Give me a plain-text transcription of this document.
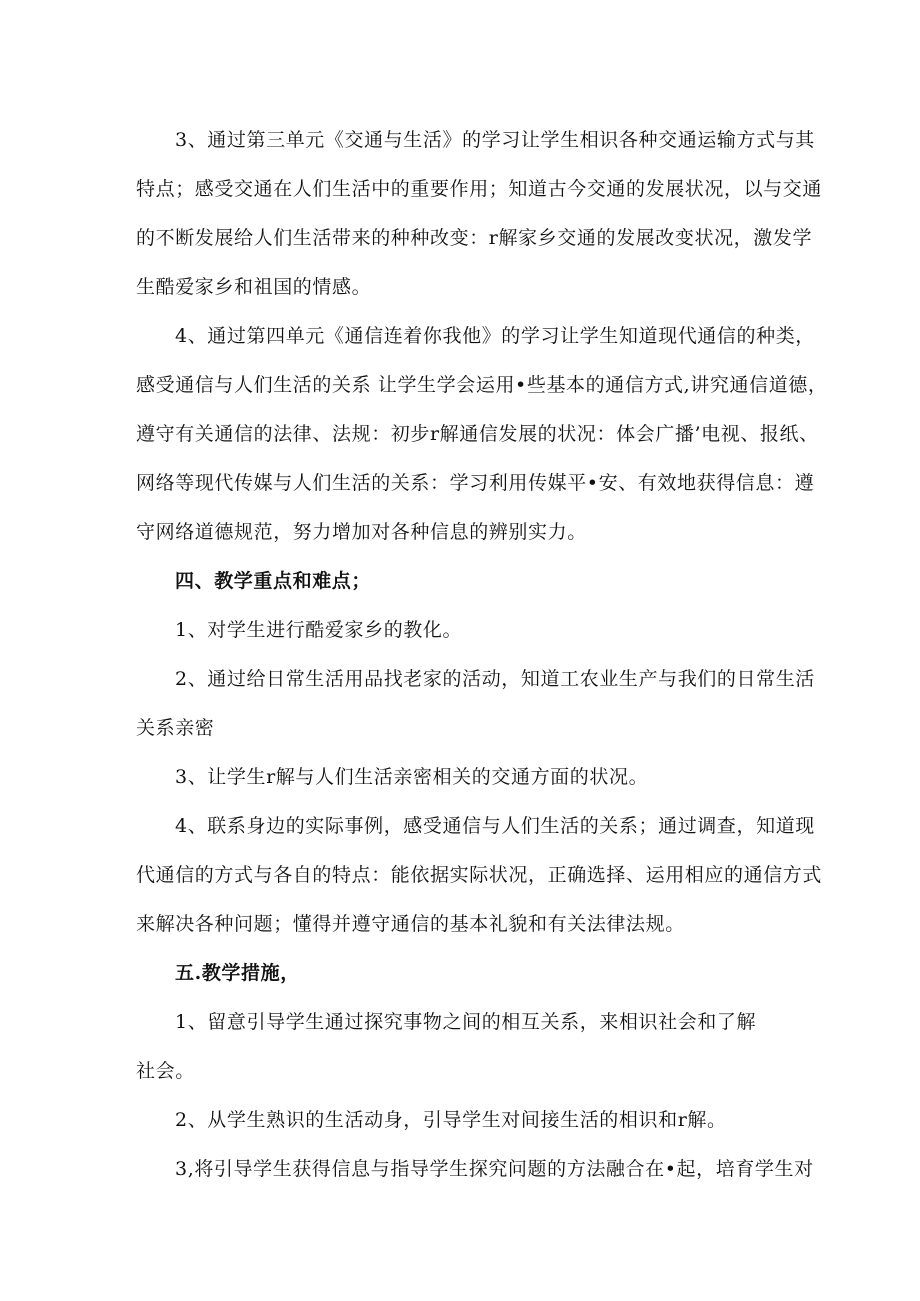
3、通过第三单元《交通与生活》的学习让学生相识各种交通运输方式与其
特点；感受交通在人们生活中的重要作用；知道古今交通的发展状况，以与交通
的不断发展给人们生活带来的种种改变：r解家乡交通的发展改变状况，激发学
生酷爱家乡和祖国的情感。
4、通过第四单元《通信连着你我他》的学习让学生知道现代通信的种类，
感受通信与人们生活的关系 让学生学会运用•些基本的通信方式,讲究通信道德，
遵守有关通信的法律、法规：初步r解通信发展的状况：体会广播’电视、报纸、
网络等现代传媒与人们生活的关系：学习利用传媒平•安、有效地获得信息：遵
守网络道德规范，努力增加对各种信息的辨别实力。
四、教学重点和难点；
1、对学生进行酷爱家乡的教化。
2、通过给日常生活用品找老家的活动，知道工农业生产与我们的日常生活
关系亲密
3、让学生r解与人们生活亲密相关的交通方面的状况。
4、联系身边的实际事例，感受通信与人们生活的关系；通过调查，知道现
代通信的方式与各自的特点：能依据实际状况，正确选择、运用相应的通信方式
来解决各种问题；懂得并遵守通信的基本礼貌和有关法律法规。
五.教学措施，
1、留意引导学生通过探究事物之间的相互关系，来相识社会和了解
社会。
2、从学生熟识的生活动身，引导学生对间接生活的相识和r解。
3,将引导学生获得信息与指导学生探究问题的方法融合在•起，培育学生对
